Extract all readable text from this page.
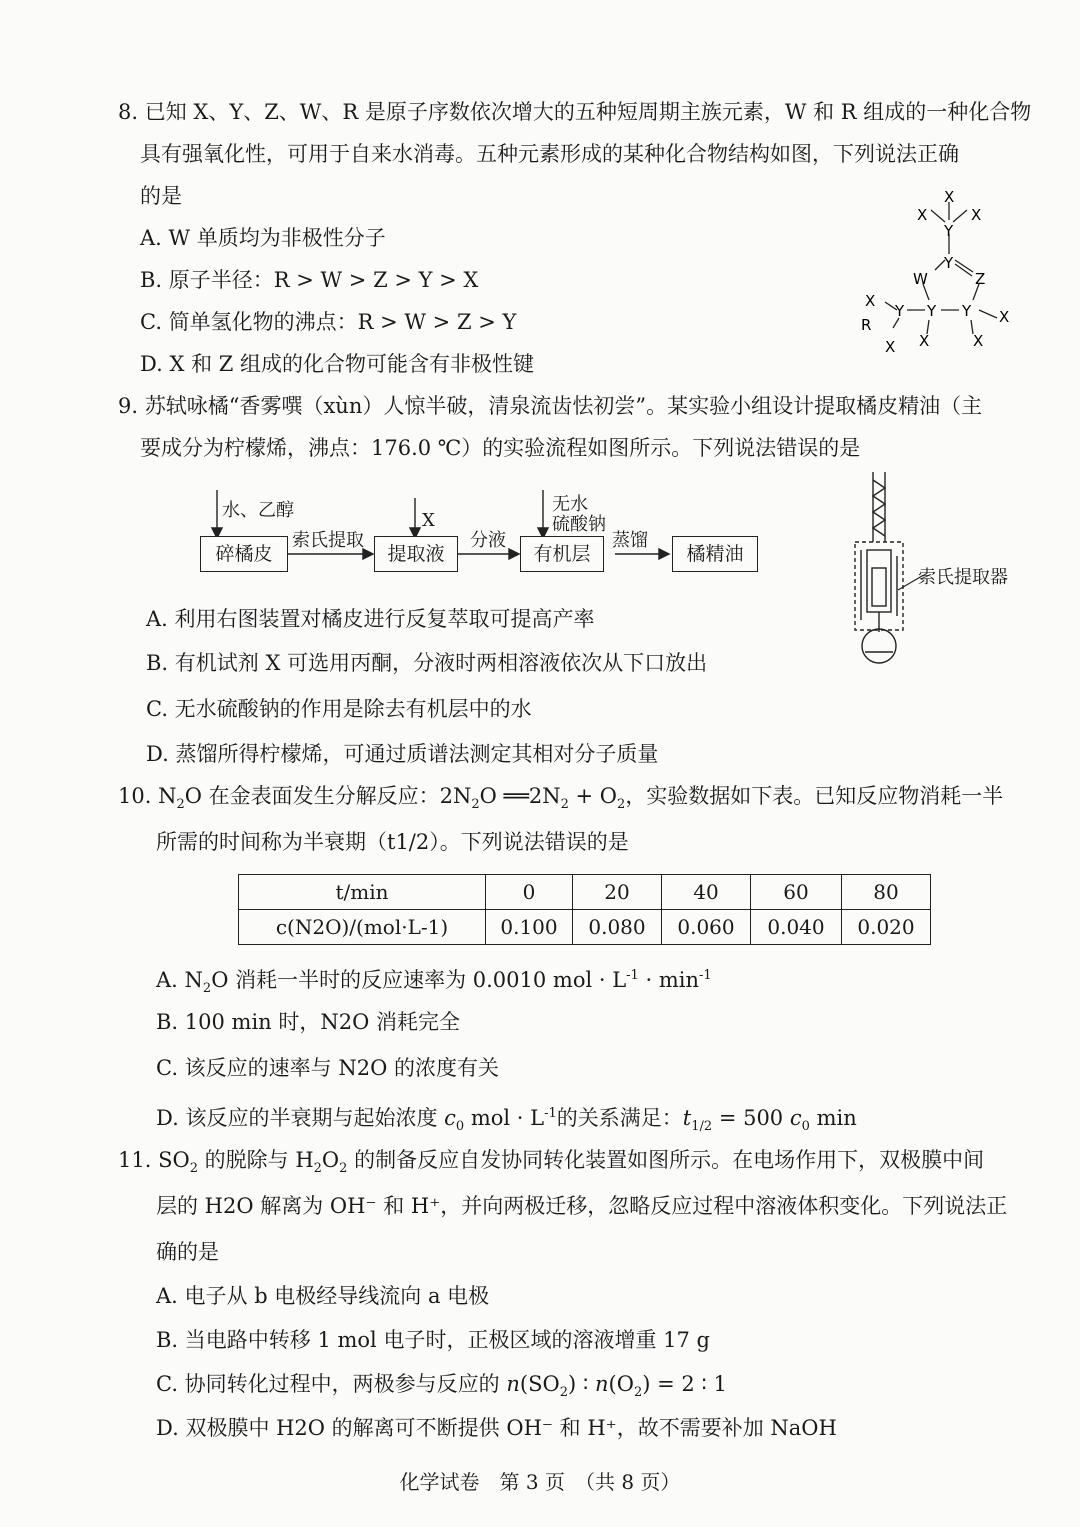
8. 已知 X、Y、Z、W、R 是原子序数依次增大的五种短周期主族元素，W 和 R 组成的一种化合物
具有强氧化性，可用于自来水消毒。五种元素形成的某种化合物结构如图，下列说法正确
的是
A. W 单质均为非极性分子
B. 原子半径：R > W > Z > Y > X
C. 简单氢化物的沸点：R > W > Z > Y
D. X 和 Z 组成的化合物可能含有非极性键
X
X	X
Y
W
Y
Z
X
R
Y Y Y X
X X	X
9. 苏轼咏橘“香雾噀（xùn）人惊半破，清泉流齿怯初尝”。某实验小组设计提取橘皮精油（主
要成分为柠檬烯，沸点：176.0 ℃）的实验流程如图所示。下列说法错误的是
水、乙醇	X
无水
硫酸钠
碎橘皮
索氏提取
提取液
分液
有机层
蒸馏
橘精油
索氏提取器
A. 利用右图装置对橘皮进行反复萃取可提高产率
B. 有机试剂 X 可选用丙酮，分液时两相溶液依次从下口放出
C. 无水硫酸钠的作用是除去有机层中的水
D. 蒸馏所得柠檬烯，可通过质谱法测定其相对分子质量
10. $N_2O$ 在金表面发生分解反应：$2N_2O$ $══2N_2 + O_2$，实验数据如下表。已知反应物消耗一半
所需的时间称为半衰期（t1/2）。下列说法错误的是
t/min	0	20	40	60	80
c(N2O)/(mol·L-1)	0.100	0.080	0.060	0.040	0.020
A. $N_2O$ 消耗一半时的反应速率为 0.0010 mol · $L^{-1} \cdot \min^{-1}$
B. 100 min 时，N2O 消耗完全
C. 该反应的速率与 N2O 的浓度有关
D. 该反应的半衰期与起始浓度 $c_0$ mol · $L^{-1}$的关系满足：$t_{1/2} = 500$ $c_0$ min
11. $SO_2$ 的脱除与 $H_2O_2$ 的制备反应自发协同转化装置如图所示。在电场作用下，双极膜中间
层的 H2O 解离为 OH⁻ 和 H⁺，并向两极迁移，忽略反应过程中溶液体积变化。下列说法正
确的是
A. 电子从 b 电极经导线流向 a 电极
B. 当电路中转移 1 mol 电子时，正极区域的溶液增重 17 g
C. 协同转化过程中，两极参与反应的 $n(SO_2)$ ∶ $n(O_2) = 2$ ∶ 1
D. 双极膜中 H2O 的解离可不断提供 OH⁻ 和 H⁺，故不需要补加 NaOH
化学试卷　第 3 页　（共 8 页）
